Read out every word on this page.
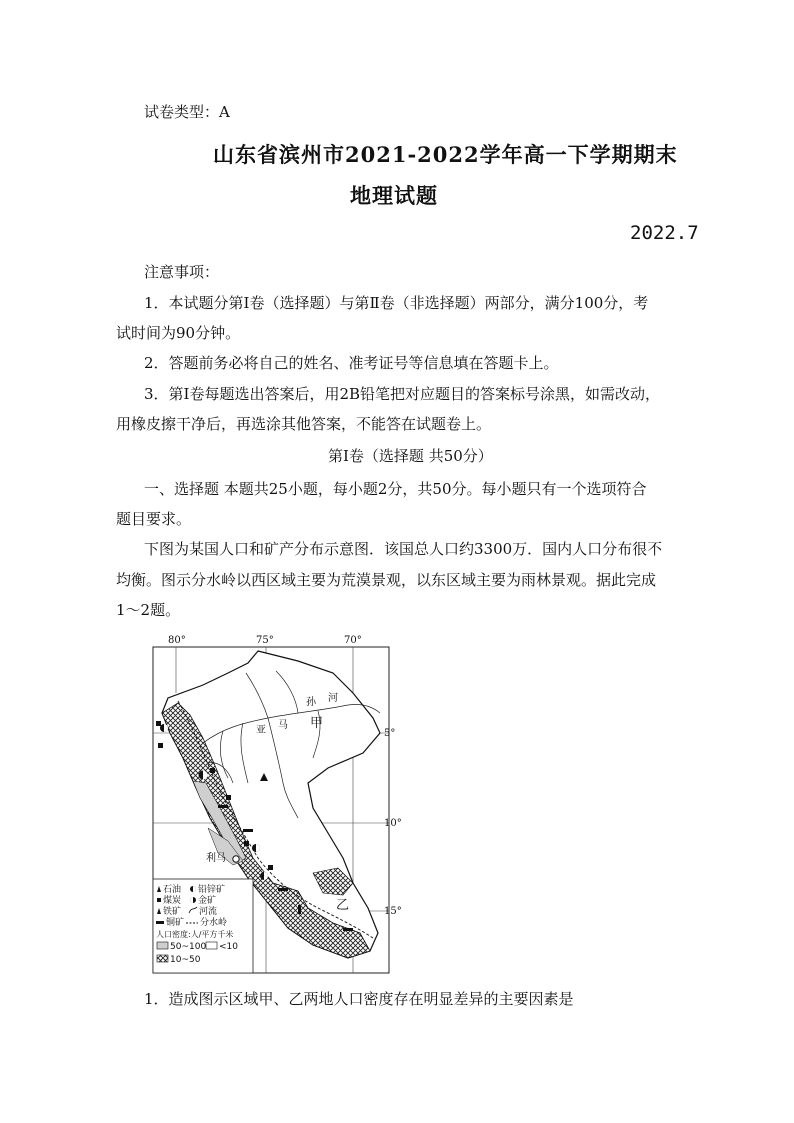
试卷类型：A
山东省滨州市2021-2022学年高一下学期期末
地理试题
2022.7
注意事项：
1．本试题分第Ⅰ卷（选择题）与第Ⅱ卷（非选择题）两部分，满分100分，考
试时间为90分钟。
2．答题前务必将自己的姓名、准考证号等信息填在答题卡上。
3．第Ⅰ卷每题选出答案后，用2B铅笔把对应题目的答案标号涂黑，如需改动，
用橡皮擦干净后，再选涂其他答案，不能答在试题卷上。
第Ⅰ卷（选择题 共50分）
一、选择题 本题共25小题，每小题2分，共50分。每小题只有一个选项符合
题目要求。
下图为某国人口和矿产分布示意图．该国总人口约3300万．国内人口分布很不
均衡。图示分水岭以西区域主要为荒漠景观，以东区域主要为雨林景观。据此完成
1～2题。
80°	75°	70°
5°
10°
15°
利马
甲
乙
亚 马
孙 河
石油 铅锌矿
煤炭 金矿
铁矿 河流
铜矿 分水岭
人口密度:人/平方千米
50~100 <10
10~50
1．造成图示区域甲、乙两地人口密度存在明显差异的主要因素是
